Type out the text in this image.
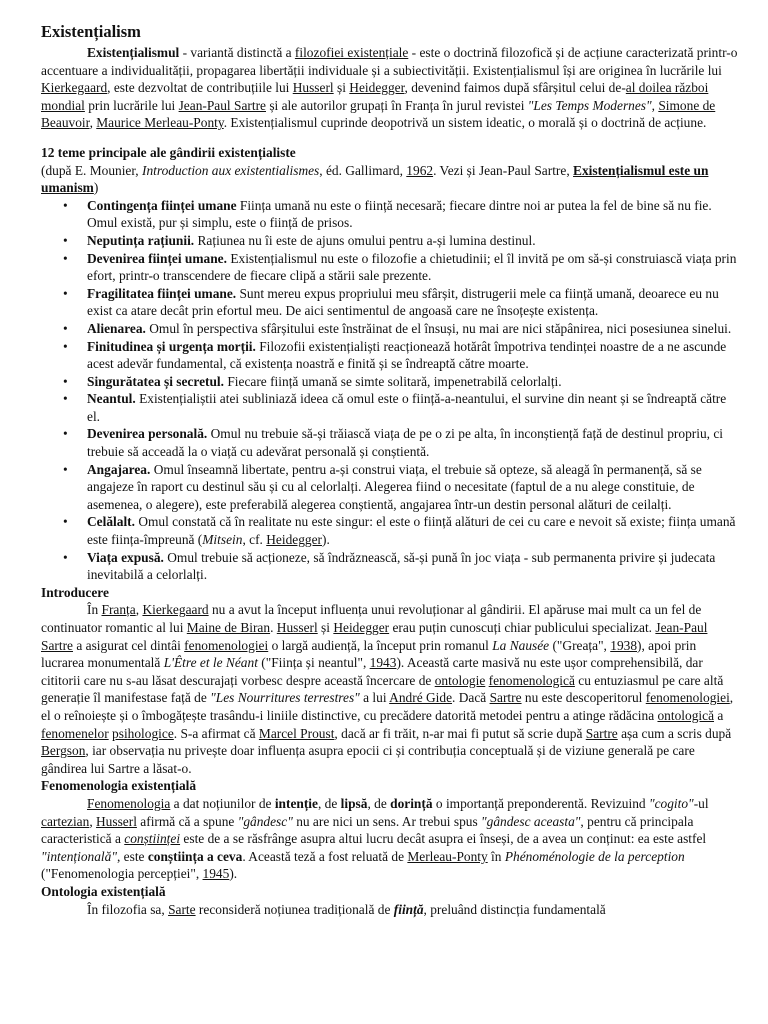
Existențialism

Existențialismul - variantă distinctă a filozofiei existențiale - este o doctrină filozofică și de acțiune caracterizată printr-o accentuare a individualității, propagarea libertății individuale și a subiectivității. Existențialismul își are originea în lucrările lui Kierkegaard, este dezvoltat de contribuțiile lui Husserl și Heidegger, devenind faimos după sfârșitul celui de-al doilea război mondial prin lucrările lui Jean-Paul Sartre și ale autorilor grupați în Franța în jurul revistei "Les Temps Modernes", Simone de Beauvoir, Maurice Merleau-Ponty. Existențialismul cuprinde deopotrivă un sistem ideatic, o morală și o doctrină de acțiune.

12 teme principale ale gândirii existențialiste

(după E. Mounier, Introduction aux existentialismes, éd. Gallimard, 1962. Vezi și Jean-Paul Sartre, Existențialismul este un umanism)

• Contingența ființei umane Ființa umană nu este o ființă necesară; fiecare dintre noi ar putea la fel de bine să nu fie. Omul există, pur și simplu, este o ființă de prisos.
• Neputința rațiunii. Rațiunea nu îi este de ajuns omului pentru a-și lumina destinul.
• Devenirea ființei umane. Existențialismul nu este o filozofie a chietudinii; el îl invită pe om să-și construiască viața prin efort, printr-o transcendere de fiecare clipă a stării sale prezente.
• Fragilitatea ființei umane. Sunt mereu expus propriului meu sfârșit, distrugerii mele ca ființă umană, deoarece eu nu exist ca atare decât prin efortul meu. De aici sentimentul de angoasă care ne însoțește existența.
• Alienarea. Omul în perspectiva sfârșitului este înstrăinat de el însuși, nu mai are nici stăpânirea, nici posesiunea sinelui.
• Finitudinea și urgența morții. Filozofii existențialiști reacționează hotărât împotriva tendinței noastre de a ne ascunde acest adevăr fundamental, că existența noastră e finită și se îndreaptă către moarte.
• Singurătatea și secretul. Fiecare ființă umană se simte solitară, impenetrabilă celorlalți.
• Neantul. Existențialiștii atei subliniază ideea că omul este o ființă-a-neantului, el survine din neant și se îndreaptă către el.
• Devenirea personală. Omul nu trebuie să-și trăiască viața de pe o zi pe alta, în inconștiență față de destinul propriu, ci trebuie să acceadă la o viață cu adevărat personală și conștientă.
• Angajarea. Omul înseamnă libertate, pentru a-și construi viața, el trebuie să opteze, să aleagă în permanență, să se angajeze în raport cu destinul său și cu al celorlalți. Alegerea fiind o necesitate (faptul de a nu alege constituie, de asemenea, o alegere), este preferabilă alegerea conștientă, angajarea într-un destin personal alături de ceilalți.
• Celălalt. Omul constată că în realitate nu este singur: el este o ființă alături de cei cu care e nevoit să existe; ființa umană este ființa-împreună (Mitsein, cf. Heidegger).
• Viața expusă. Omul trebuie să acționeze, să îndrăznească, să-și pună în joc viața - sub permanenta privire și judecata inevitabilă a celorlalți.
Introducere

În Franța, Kierkegaard nu a avut la început influența unui revoluționar al gândirii. El apăruse mai mult ca un fel de continuator romantic al lui Maine de Biran. Husserl și Heidegger erau puțin cunoscuți chiar publicului specializat. Jean-Paul Sartre a asigurat cel dintâi fenomenologiei o largă audiență, la început prin romanul La Nausée ("Greața", 1938), apoi prin lucrarea monumentală L'Être et le Néant ("Ființa și neantul", 1943). Această carte masivă nu este ușor comprehensibilă, dar cititorii care nu s-au lăsat descurajați vorbesc despre această încercare de ontologie fenomenologică cu entuziasmul pe care altă generație îl manifestase față de "Les Nourritures terrestres" a lui André Gide. Dacă Sartre nu este descoperitorul fenomenologiei, el o reînoiește și o îmbogățește trasându-i liniile distinctive, cu precădere datorită metodei pentru a atinge rădăcina ontologică a fenomenelor psihologice. S-a afirmat că Marcel Proust, dacă ar fi trăit, n-ar mai fi putut să scrie după Sartre așa cum a scris după Bergson, iar observația nu privește doar influența asupra epocii ci și contribuția conceptuală și de viziune generală pe care gândirea lui Sartre a lăsat-o.

Fenomenologia existențială

Fenomenologia a dat noțiunilor de intenție, de lipsă, de dorință o importanță preponderentă. Revizuind "cogito"-ul cartezian, Husserl afirmă că a spune "gândesc" nu are nici un sens. Ar trebui spus "gândesc aceasta", pentru că principala caracteristică a conștiinței este de a se răsfrânge asupra altui lucru decât asupra ei înseși, de a avea un conținut: ea este astfel "intențională", este conștiința a ceva. Această teză a fost reluată de Merleau-Ponty în Phénoménologie de la perception ("Fenomenologia percepției", 1945).

Ontologia existențială

În filozofia sa, Sarte reconsideră noțiunea tradițională de ființă, preluând distincția fundamentală
